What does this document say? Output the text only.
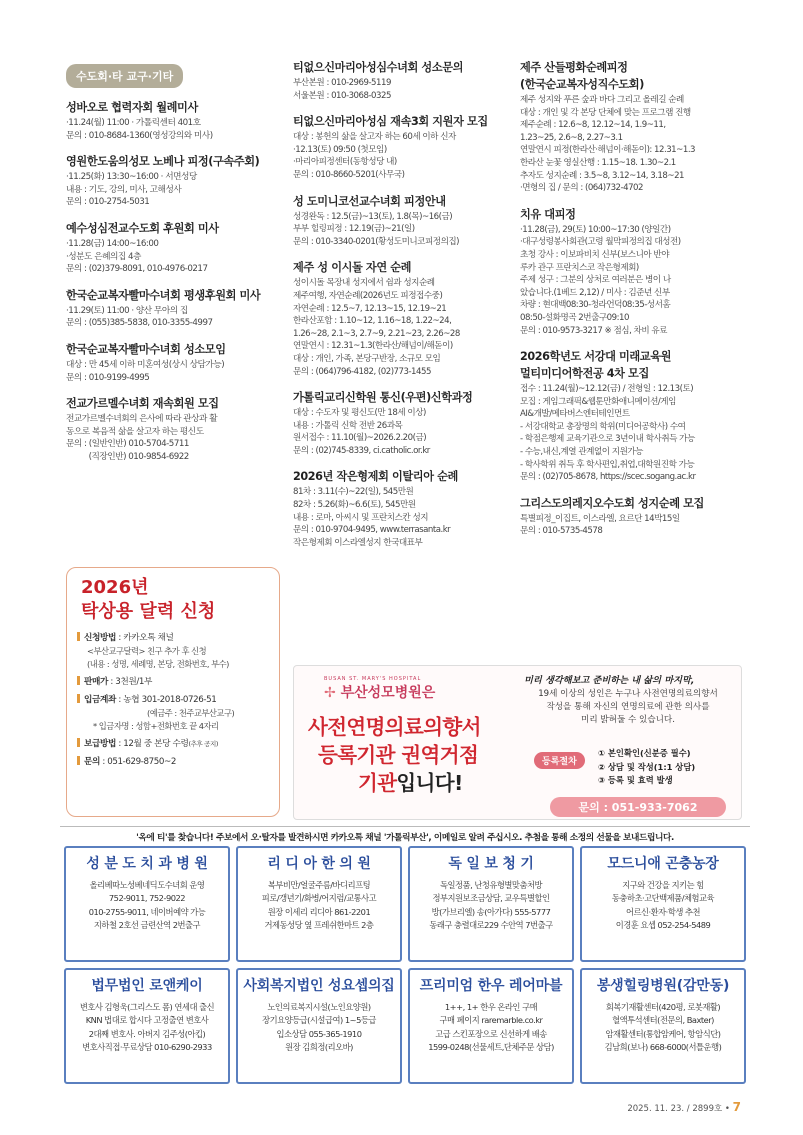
수도회·타 교구·기타
성바오로 협력자회 월례미사

·11.24(월) 11:00 · 가톨릭센터 401호
문의 : 010-8684-1360(영성강의와 미사)

영원한도움의성모 노베나 피정(구속주회)

·11.25(화) 13:30~16:00 · 서면성당
내용 : 기도, 강의, 미사, 고해성사
문의 : 010-2754-5031

예수성심전교수도회 후원회 미사

·11.28(금) 14:00~16:00
·성분도 은혜의집 4층
문의 : (02)379-8091, 010-4976-0217

한국순교복자빨마수녀회 평생후원회 미사

·11.29(토) 11:00 · 양산 무아의 집
문의 : (055)385-5838, 010-3355-4997

한국순교복자빨마수녀회 성소모임

대상 : 만 45세 이하 미혼여성(상시 상담가능)
문의 : 010-9199-4995

전교가르멜수녀회 재속회원 모집

전교가르멜수녀회의 은사에 따라 관상과 활
동으로 복음적 삶을 살고자 하는 평신도
문의 : (일반인반) 010-5704-5711
(직장인반) 010-9854-6922

2026년
탁상용 달력 신청
신청방법 : 카카오톡 채널
<부산교구달력> 친구 추가 후 신청
(내용 : 성명, 세례명, 본당, 전화번호, 부수)
판매가 : 3천원/1부
입금계좌 : 농협 301-2018-0726-51
(예금주 : 천주교부산교구)
* 입금자명 : 성함+전화번호 끝 4자리
보급방법 : 12월 중 본당 수령(추후 공지)
문의 : 051-629-8750~2
티없으신마리아성심수녀회 성소문의

부산본원 : 010-2969-5119
서울본원 : 010-3068-0325

티없으신마리아성심 재속3회 지원자 모집

대상 : 봉헌의 삶을 살고자 하는 60세 이하 신자
·12.13(토) 09:50 (첫모임)
·마리아피정센터(동항성당 내)
문의 : 010-8660-5201(사무국)

성 도미니코선교수녀회 피정안내

성경완독 : 12.5(금)~13(토), 1.8(목)~16(금)
부부 힐링피정 : 12.19(금)~21(일)
문의 : 010-3340-0201(황성도미니코피정의집)

제주 성 이시돌 자연 순례

성이시돌 목장내 성지에서 쉼과 성지순례
제주여행, 자연순례(2026년도 피정접수중)
자연순례 : 12.5~7, 12.13~15, 12.19~21
한라산포함 : 1.10~12, 1.16~18, 1.22~24,
1.26~28, 2.1~3, 2.7~9, 2.21~23, 2.26~28
연말연시 : 12.31~1.3(한라산/해넘이/해돋이)
대상 : 개인, 가족, 본당구반장, 소규모 모임
문의 : (064)796-4182, (02)773-1455

가톨릭교리신학원 통신(우편)신학과정

대상 : 수도자 및 평신도(만 18세 이상)
내용 : 가톨릭 신학 전반 26과목
원서접수 : 11.10(월)~2026.2.20(금)
문의 : (02)745-8339, ci.catholic.or.kr

2026년 작은형제회 이탈리아 순례

81차 : 3.11(수)~22(일), 545만원
82차 : 5.26(화)~6.6(토), 545만원
내용 : 로마, 아씨시 및 프란치스칸 성지
문의 : 010-9704-9495, www.terrasanta.kr
작은형제회 이스라엘성지 한국대표부

제주 산들평화순례피정
(한국순교복자성직수도회)

제주 성지와 푸른 숲과 바다 그리고 올레길 순례
대상 : 개인 및 각 본당 단체에 맞는 프로그램 진행
제주순례 : 12.6~8, 12.12~14, 1.9~11,
1.23~25, 2.6~8, 2.27~3.1
연말연시 피정(한라산·해넘이·해돋이): 12.31~1.3
한라산 눈꽃 영실산행 : 1.15~18. 1.30~2.1
추자도 성지순례 : 3.5~8, 3.12~14, 3.18~21
·면형의 집 / 문의 : (064)732-4702

치유 대피정

·11.28(금), 29(토) 10:00~17:30 (양일간)
·대구성령봉사회관(고령 월막피정의집 대성전)
초청 강사 : 이보파비치 신부(보스니아 반야
루카 관구 프란치스코 작은형제회)
주제 성구 : 그분의 상처로 여러분은 병이 나
았습니다.(1베드 2,12) / 미사 : 김준년 신부
차량 : 현대백08:30-청라언덕08:35-성서홈
08:50-설화명곡 2번출구09:10
문의 : 010-9573-3217 ※ 점심, 차비 유료

2026학년도 서강대 미래교육원
멀티미디어학전공 4차 모집

접수 : 11.24(월)~12.12(금) / 전형일 : 12.13(토)
모집 : 게임그래픽&웹툰만화애니메이션/게임
AI&개발/메타버스엔터테인먼트
- 서강대학교 총장명의 학위(미디어공학사) 수여
- 학점은행제 교육기관으로 3년이내 학사취득 가능
- 수능,내신,계열 관계없이 지원가능
- 학사학위 취득 후 학사편입,취업,대학원진학 가능
문의 : (02)705-8678, https://scec.sogang.ac.kr

그리스도의레지오수도회 성지순례 모집

특별피정_이집트, 이스라엘, 요르단 14박15일
문의 : 010-5735-4578

BUSAN ST. MARY'S HOSPITAL
✢ 부산성모병원은
사전연명의료의향서
등록기관 권역거점
기관입니다!
미리 생각해보고 준비하는 내 삶의 마지막,
19세 이상의 성인은 누구나 사전연명의료의향서
작성을 통해 자신의 연명의료에 관한 의사를
미리 밝혀둘 수 있습니다.
등록절차
① 본인확인(신분증 필수)
② 상담 및 작성(1:1 상담)
③ 등록 및 효력 발생
문의 : 051-933-7062
'옥에 티'를 찾습니다! 주보에서 오·탈자를 발견하시면 카카오톡 채널 '가톨릭부산', 이메일로 알려 주십시오. 추첨을 통해 소정의 선물을 보내드립니다.
성 분 도 치 과 병 원
올리베따노성베네딕도수녀회 운영
752-9011, 752-9022
010-2755-9011, 네이버예약 가능
지하철 2호선 금련산역 2번출구
리 디 아 한 의 원
복부비만/얼굴주름/바디리프팅
피로/갱년기/화병/어지럼/교통사고
원장 이세리 리디아 861-2201
거제동성당 옆 프레쉬한마트 2층
독 일 보 청 기
독일정품, 난청유형별맞춤처방
정부지원보조금상담, 교우특별할인
방(가브리엘) 송(아가다) 555-5777
동래구 충렬대로229 수안역 7번출구
모드니애 곤충농장
지구와 건강을 지키는 힘
동충하초·고단백제품/체험교육
어르신·환자·학생 추천
이경훈 요셉 052-254-5489
법무법인 로앤케이
변호사 김형욱(그리스도 폼) 연세대 출신
KNN 법대로 합시다 고정출연 변호사
2대째 변호사. 아버지 김주성(아킵)
변호사직접·무료상담 010-6290-2933
사회복지법인 성요셉의집
노인의료복지시설(노인요양원)
장기요양등급(시설급여) 1~5등급
입소상담 055-365-1910
원장 김희정(리오바)
프리미엄 한우 레어마블
1++, 1+ 한우 온라인 구매
구매 페이지 raremarble.co.kr
고급 스킨포장으로 신선하게 배송
1599-0248(선물세트,단체주문 상담)
봉생힐링병원(감만동)
회복기재활센터(420평, 로봇재활)
혈액투석센터(전문의, Baxter)
암재활센터(통합암케어, 항암식단)
김남희(보나) 668-6000(서틀운행)
2025. 11. 23. / 2899호 • 7
